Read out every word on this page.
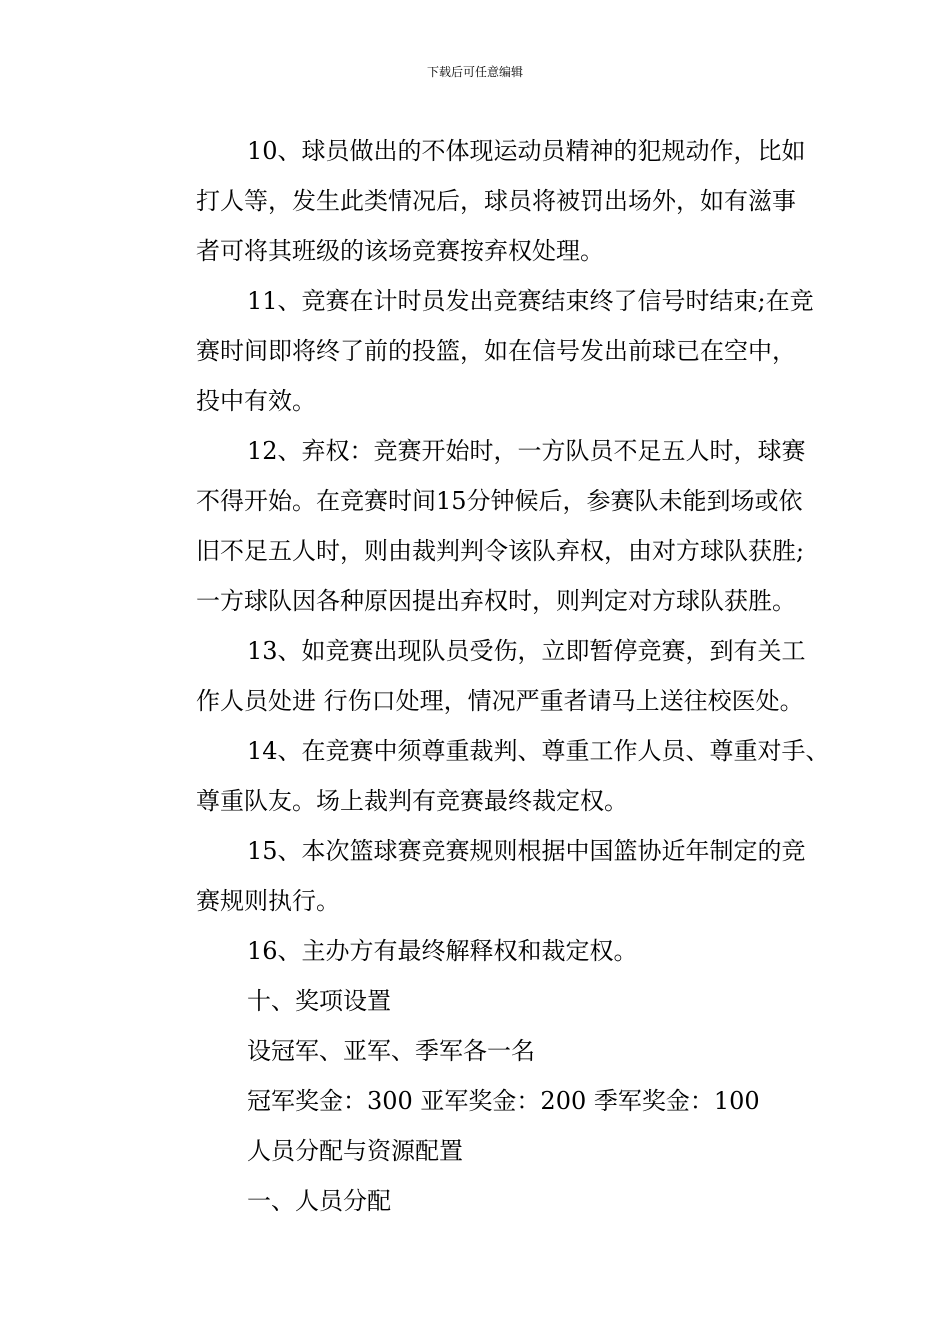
下载后可任意编辑
10、球员做出的不体现运动员精神的犯规动作，比如
打人等，发生此类情况后，球员将被罚出场外，如有滋事
者可将其班级的该场竞赛按弃权处理。
11、竞赛在计时员发出竞赛结束终了信号时结束;在竞
赛时间即将终了前的投篮，如在信号发出前球已在空中，
投中有效。
12、弃权：竞赛开始时，一方队员不足五人时，球赛
不得开始。在竞赛时间15分钟候后，参赛队未能到场或依
旧不足五人时，则由裁判判令该队弃权，由对方球队获胜;
一方球队因各种原因提出弃权时，则判定对方球队获胜。
13、如竞赛出现队员受伤，立即暂停竞赛，到有关工
作人员处进 行伤口处理，情况严重者请马上送往校医处。
14、在竞赛中须尊重裁判、尊重工作人员、尊重对手、
尊重队友。场上裁判有竞赛最终裁定权。
15、本次篮球赛竞赛规则根据中国篮协近年制定的竞
赛规则执行。
16、主办方有最终解释权和裁定权。
十、奖项设置
设冠军、亚军、季军各一名
冠军奖金：300 亚军奖金：200 季军奖金：100
人员分配与资源配置
一、人员分配
